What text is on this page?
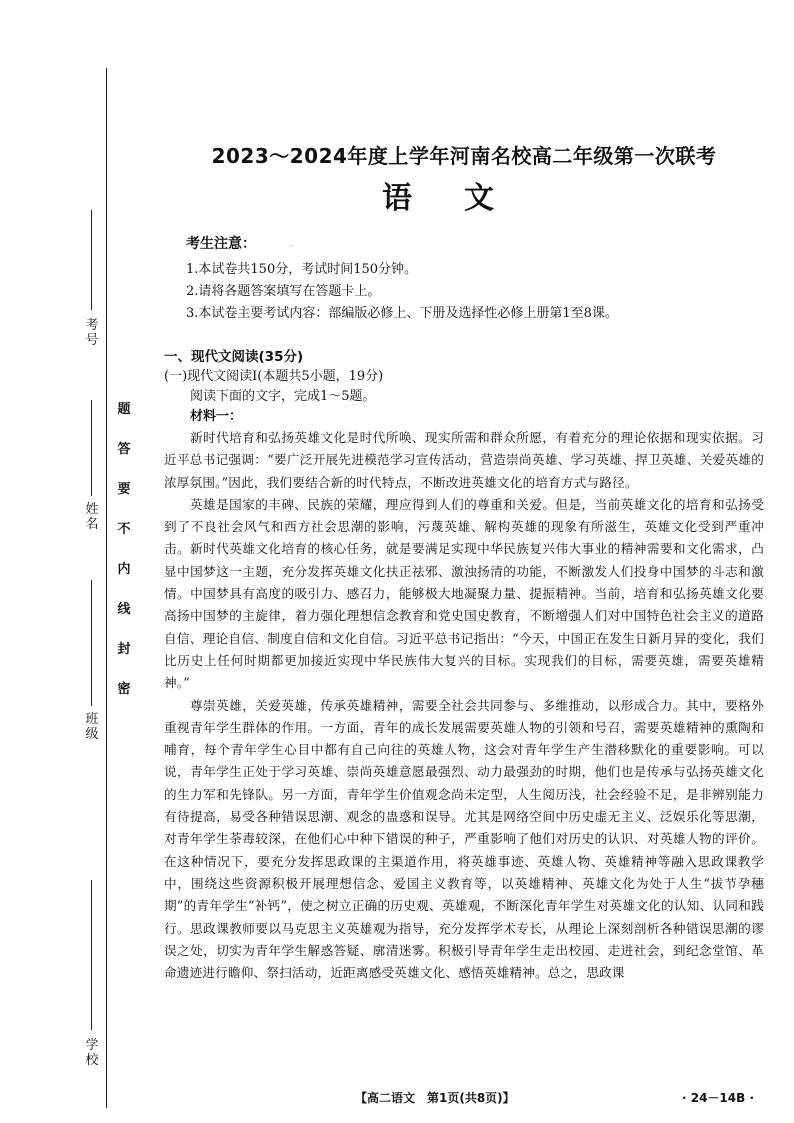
考号
姓名
班级
学校
题
答
要
不
内
线
封
密
·
2023～2024年度上学年河南名校高二年级第一次联考
语文
考生注意：
1.本试卷共150分，考试时间150分钟。
2.请将各题答案填写在答题卡上。
3.本试卷主要考试内容：部编版必修上、下册及选择性必修上册第1至8课。
一、现代文阅读(35分)
(一)现代文阅读Ⅰ(本题共5小题，19分)
阅读下面的文字，完成1～5题。
材料一：

新时代培育和弘扬英雄文化是时代所唤、现实所需和群众所愿，有着充分的理论依据和现实依据。习近平总书记强调：“要广泛开展先进模范学习宣传活动，营造崇尚英雄、学习英雄、捍卫英雄、关爱英雄的浓厚氛围。”因此，我们要结合新的时代特点，不断改进英雄文化的培育方式与路径。

英雄是国家的丰碑、民族的荣耀，理应得到人们的尊重和关爱。但是，当前英雄文化的培育和弘扬受到了不良社会风气和西方社会思潮的影响，污蔑英雄、解构英雄的现象有所滋生，英雄文化受到严重冲击。新时代英雄文化培育的核心任务，就是要满足实现中华民族复兴伟大事业的精神需要和文化需求，凸显中国梦这一主题，充分发挥英雄文化扶正祛邪、激浊扬清的功能，不断激发人们投身中国梦的斗志和激情。中国梦具有高度的吸引力、感召力，能够极大地凝聚力量、提振精神。当前，培育和弘扬英雄文化要高扬中国梦的主旋律，着力强化理想信念教育和党史国史教育，不断增强人们对中国特色社会主义的道路自信、理论自信、制度自信和文化自信。习近平总书记指出：“今天，中国正在发生日新月异的变化，我们比历史上任何时期都更加接近实现中华民族伟大复兴的目标。实现我们的目标，需要英雄，需要英雄精神。”

尊崇英雄，关爱英雄，传承英雄精神，需要全社会共同参与、多维推动，以形成合力。其中，要格外重视青年学生群体的作用。一方面，青年的成长发展需要英雄人物的引领和号召，需要英雄精神的熏陶和哺育，每个青年学生心目中都有自己向往的英雄人物，这会对青年学生产生潜移默化的重要影响。可以说，青年学生正处于学习英雄、崇尚英雄意愿最强烈、动力最强劲的时期，他们也是传承与弘扬英雄文化的生力军和先锋队。另一方面，青年学生价值观念尚未定型，人生阅历浅，社会经验不足，是非辨别能力有待提高，易受各种错误思潮、观念的蛊惑和误导。尤其是网络空间中历史虚无主义、泛娱乐化等思潮，对青年学生荼毒较深，在他们心中种下错误的种子，严重影响了他们对历史的认识、对英雄人物的评价。在这种情况下，要充分发挥思政课的主渠道作用，将英雄事迹、英雄人物、英雄精神等融入思政课教学中，围绕这些资源积极开展理想信念、爱国主义教育等，以英雄精神、英雄文化为处于人生“拔节孕穗期”的青年学生“补钙”，使之树立正确的历史观、英雄观，不断深化青年学生对英雄文化的认知、认同和践行。思政课教师要以马克思主义英雄观为指导，充分发挥学术专长，从理论上深刻剖析各种错误思潮的谬误之处，切实为青年学生解惑答疑、廓清迷雾。积极引导青年学生走出校园、走进社会，到纪念堂馆、革命遗迹进行瞻仰、祭扫活动，近距离感受英雄文化、感悟英雄精神。总之，思政课

【高二语文　第1页(共8页)】	· 24－14B ·
